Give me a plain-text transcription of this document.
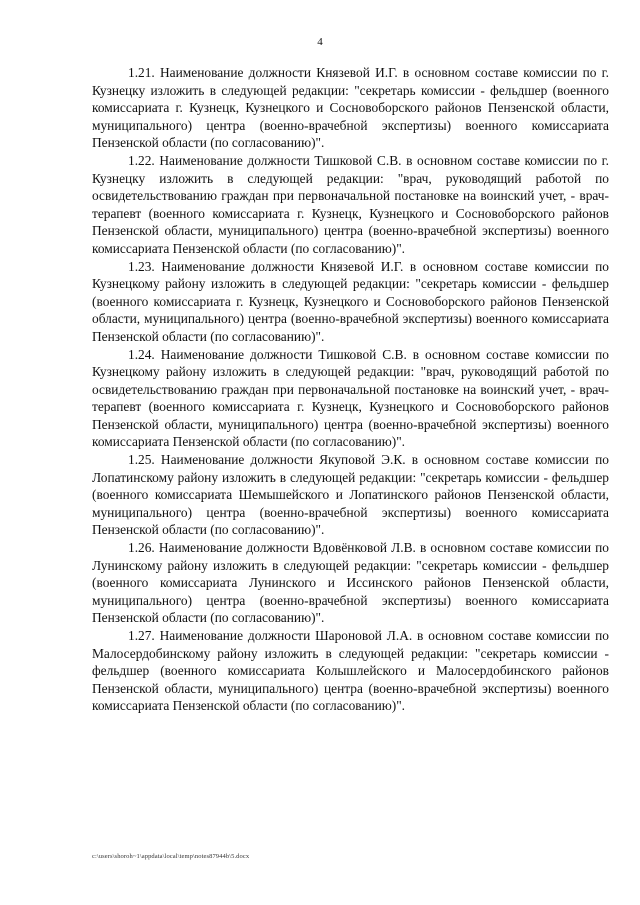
4

1.21. Наименование должности Князевой И.Г. в основном составе комиссии по г. Кузнецку изложить в следующей редакции: "секретарь комиссии - фельдшер (военного комиссариата г. Кузнецк, Кузнецкого и Сосновоборского районов Пензенской области, муниципального) центра (военно-врачебной экспертизы) военного комиссариата Пензенской области (по согласованию)".

1.22. Наименование должности Тишковой С.В. в основном составе комиссии по г. Кузнецку изложить в следующей редакции: "врач, руководящий работой по освидетельствованию граждан при первоначальной постановке на воинский учет, - врач-терапевт (военного комиссариата г. Кузнецк, Кузнецкого и Сосновоборского районов Пензенской области, муниципального) центра (военно-врачебной экспертизы) военного комиссариата Пензенской области (по согласованию)".

1.23. Наименование должности Князевой И.Г. в основном составе комиссии по Кузнецкому району изложить в следующей редакции: "секретарь комиссии - фельдшер (военного комиссариата г. Кузнецк, Кузнецкого и Сосновоборского районов Пензенской области, муниципального) центра (военно-врачебной экспертизы) военного комиссариата Пензенской области (по согласованию)".

1.24. Наименование должности Тишковой С.В. в основном составе комиссии по Кузнецкому району изложить в следующей редакции: "врач, руководящий работой по освидетельствованию граждан при первоначальной постановке на воинский учет, - врач-терапевт (военного комиссариата г. Кузнецк, Кузнецкого и Сосновоборского районов Пензенской области, муниципального) центра (военно-врачебной экспертизы) военного комиссариата Пензенской области (по согласованию)".

1.25. Наименование должности Якуповой Э.К. в основном составе комиссии по Лопатинскому району изложить в следующей редакции: "секретарь комиссии - фельдшер (военного комиссариата Шемышейского и Лопатинского районов Пензенской области, муниципального) центра (военно-врачебной экспертизы) военного комиссариата Пензенской области (по согласованию)".

1.26. Наименование должности Вдовёнковой Л.В. в основном составе комиссии по Лунинскому району изложить в следующей редакции: "секретарь комиссии - фельдшер (военного комиссариата Лунинского и Иссинского районов Пензенской области, муниципального) центра (военно-врачебной экспертизы) военного комиссариата Пензенской области (по согласованию)".

1.27. Наименование должности Шароновой Л.А. в основном составе комиссии по Малосердобинскому району изложить в следующей редакции: "секретарь комиссии - фельдшер (военного комиссариата Колышлейского и Малосердобинского районов Пензенской области, муниципального) центра (военно-врачебной экспертизы) военного комиссариата Пензенской области (по согласованию)".

c:\users\shoroh~1\appdata\local\temp\notes87944b\5.docx
